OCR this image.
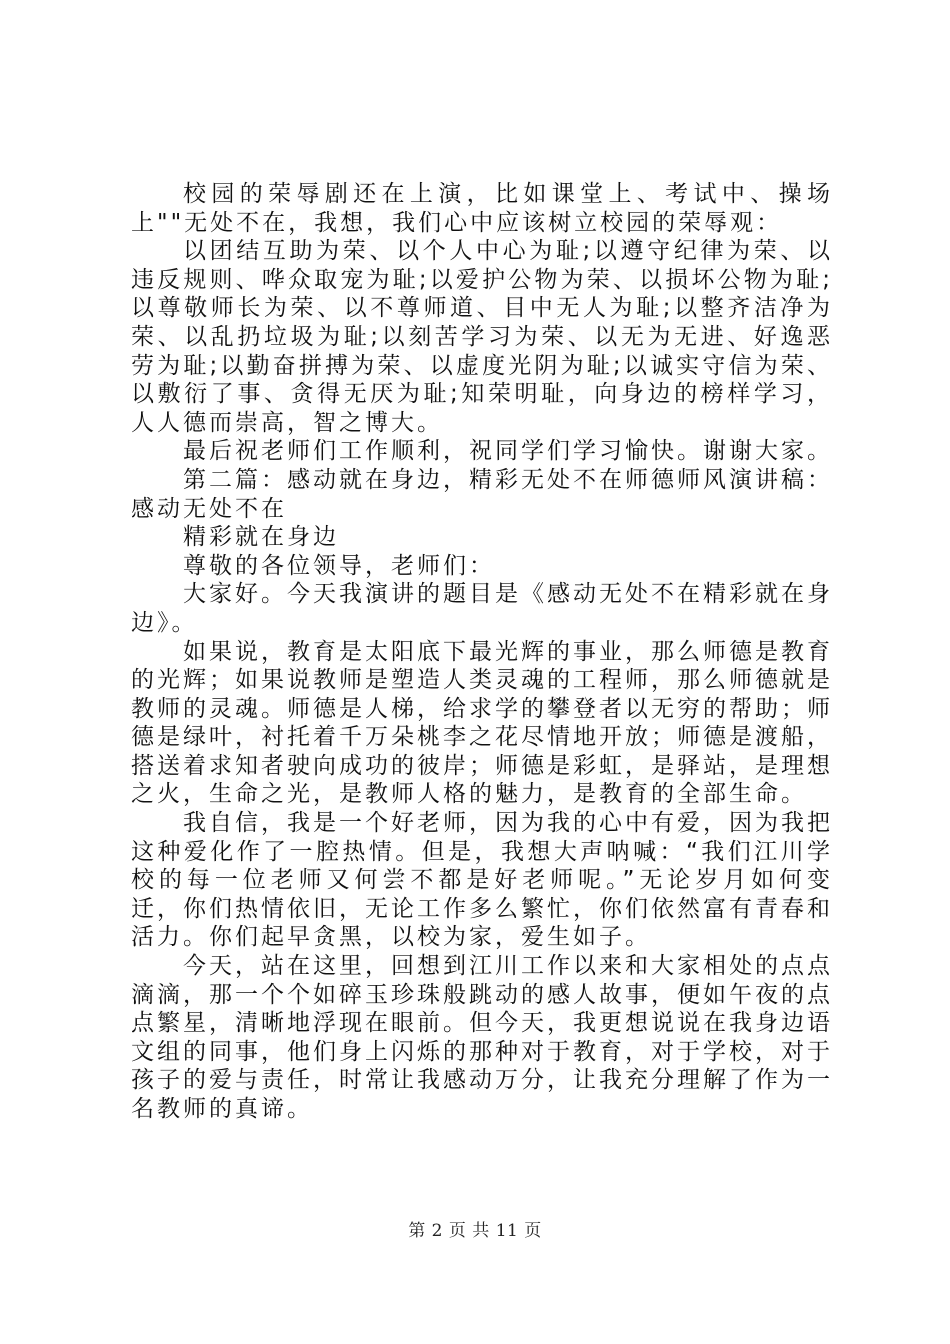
校园的荣辱剧还在上演，比如课堂上、考试中、操场上""无处不在，我想，我们心中应该树立校园的荣辱观：

以团结互助为荣、以个人中心为耻;以遵守纪律为荣、以违反规则、哗众取宠为耻;以爱护公物为荣、以损坏公物为耻;以尊敬师长为荣、以不尊师道、目中无人为耻;以整齐洁净为荣、以乱扔垃圾为耻;以刻苦学习为荣、以无为无进、好逸恶劳为耻;以勤奋拼搏为荣、以虚度光阴为耻;以诚实守信为荣、以敷衍了事、贪得无厌为耻;知荣明耻，向身边的榜样学习，人人德而崇高，智之博大。

最后祝老师们工作顺利，祝同学们学习愉快。谢谢大家。

第二篇：感动就在身边，精彩无处不在师德师风演讲稿：感动无处不在

精彩就在身边

尊敬的各位领导，老师们：

大家好。今天我演讲的题目是《感动无处不在精彩就在身边》。

如果说，教育是太阳底下最光辉的事业，那么师德是教育的光辉；如果说教师是塑造人类灵魂的工程师，那么师德就是教师的灵魂。师德是人梯，给求学的攀登者以无穷的帮助；师德是绿叶，衬托着千万朵桃李之花尽情地开放；师德是渡船，搭送着求知者驶向成功的彼岸；师德是彩虹，是驿站，是理想之火，生命之光，是教师人格的魅力，是教育的全部生命。

我自信，我是一个好老师，因为我的心中有爱，因为我把这种爱化作了一腔热情。但是，我想大声呐喊：“我们江川学校的每一位老师又何尝不都是好老师呢。”无论岁月如何变迁，你们热情依旧，无论工作多么繁忙，你们依然富有青春和活力。你们起早贪黑，以校为家，爱生如子。

今天，站在这里，回想到江川工作以来和大家相处的点点滴滴，那一个个如碎玉珍珠般跳动的感人故事，便如午夜的点点繁星，清晰地浮现在眼前。但今天，我更想说说在我身边语文组的同事，他们身上闪烁的那种对于教育，对于学校，对于孩子的爱与责任，时常让我感动万分，让我充分理解了作为一名教师的真谛。

第 2 页 共 11 页
